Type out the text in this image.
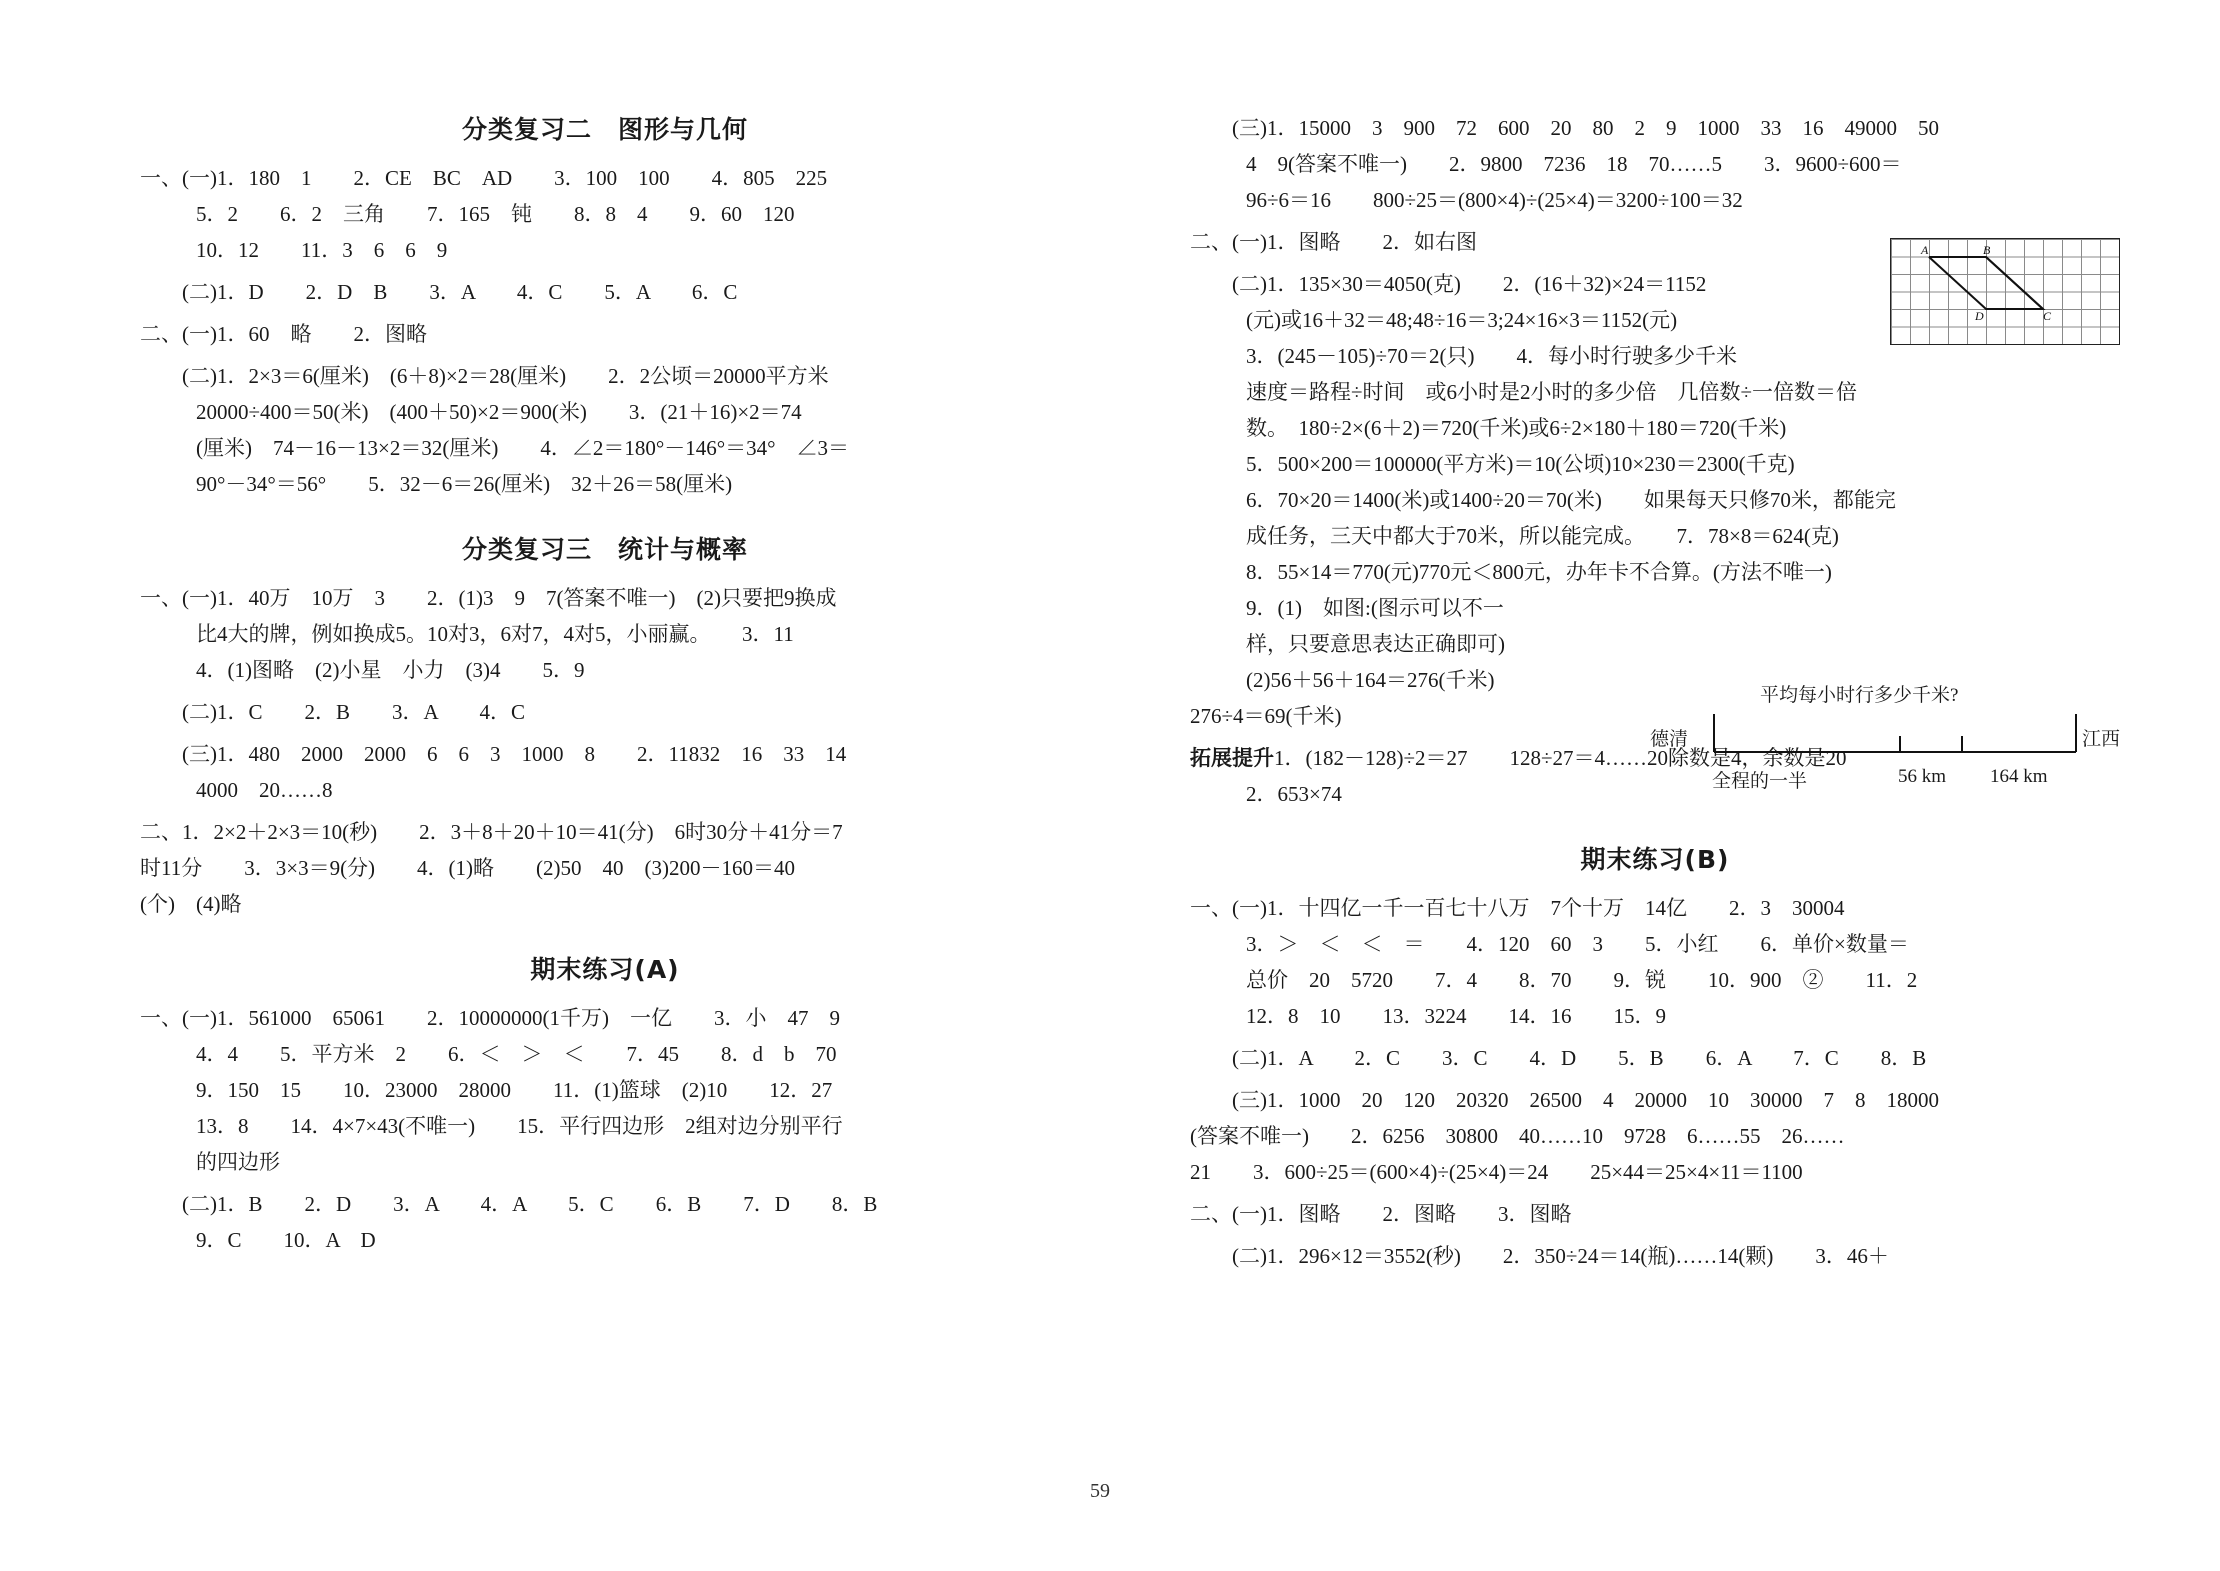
分类复习二　图形与几何
一、(一) 1．180　1　　2．CE　BC　AD　　3．100　100　　4．805　225
5．2　　6．2　三角　　7．165　钝　　8．8　4　　9．60　120
10．12　　11．3　6　6　9
　　(二) 1．D　　2．D　B　　3．A　　4．C　　5．A　　6．C
二、(一) 1．60　略　　2．图略
　　(二) 1．2×3＝6(厘米)　(6＋8)×2＝28(厘米)　　2．2公顷＝20000平方米
20000÷400＝50(米)　(400＋50)×2＝900(米)　　3．(21＋16)×2＝74
(厘米)　74－16－13×2＝32(厘米)　　4．∠2＝180°－146°＝34°　∠3＝
90°－34°＝56°　　5．32－6＝26(厘米)　32＋26＝58(厘米)
分类复习三　统计与概率
一、(一) 1．40万　10万　3　　2．(1)3　9　7(答案不唯一)　(2)只要把9换成
比4大的牌，例如换成5。10对3，6对7，4对5，小丽赢。　　3．11
4．(1)图略　(2)小星　小力　(3)4　　5．9
　　(二) 1．C　　2．B　　3．A　　4．C
　　(三) 1．480　2000　2000　6　6　3　1000　8　　2．11832　16　33　14
4000　20……8
二、 1．2×2＋2×3＝10(秒)　　2．3＋8＋20＋10＝41(分)　6时30分＋41分＝7
时11分　　3．3×3＝9(分)　　4．(1)略　　(2)50　40　(3)200－160＝40
(个)　(4)略
期末练习(A)
一、(一) 1．561000　65061　　2．10000000(1千万)　一亿　　3．小　47　9
4．4　　5．平方米　2　　6．＜　＞　＜　　7．45　　8．d　b　70
9．150　15　　10．23000　28000　　11．(1)篮球　(2)10　　12．27
13．8　　14．4×7×43(不唯一)　　15．平行四边形　2组对边分别平行
的四边形
　　(二) 1．B　　2．D　　3．A　　4．A　　5．C　　6．B　　7．D　　8．B
9．C　　10．A　D
　　(三) 1．15000　3　900　72　600　20　80　2　9　1000　33　16　49000　50
4　9(答案不唯一)　　2．9800　7236　18　70……5　　3．9600÷600＝
96÷6＝16　　800÷25＝(800×4)÷(25×4)＝3200÷100＝32
二、(一) 1．图略　　2．如右图
　　(二) 1．135×30＝4050(克)　　2．(16＋32)×24＝1152
(元)或16＋32＝48;48÷16＝3;24×16×3＝1152(元)
3．(245－105)÷70＝2(只)　　4．每小时行驶多少千米
速度＝路程÷时间　或6小时是2小时的多少倍　几倍数÷一倍数＝倍
数。　180÷2×(6＋2)＝720(千米)或6÷2×180＋180＝720(千米)
5．500×200＝100000(平方米)＝10(公顷)10×230＝2300(千克)
6．70×20＝1400(米)或1400÷20＝70(米)　　如果每天只修70米，都能完
成任务，三天中都大于70米，所以能完成。　　7．78×8＝624(克)
8．55×14＝770(元)770元＜800元，办年卡不合算。(方法不唯一)
9．(1)　如图:(图示可以不一
样，只要意思表达正确即可)
(2)56＋56＋164＝276(千米)
276÷4＝69(千米)
拓展提升 1．(182－128)÷2＝27　　128÷27＝4……20除数是4，余数是20
2．653×74
期末练习(B)
一、(一) 1．十四亿一千一百七十八万　7个十万　14亿　　2．3　30004
3．＞　＜　＜　＝　　4．120　60　3　　5．小红　　6．单价×数量＝
总价　20　5720　　7．4　　8．70　　9．锐　　10．900　②　　11．2
12．8　10　　13．3224　　14．16　　15．9
　　(二) 1．A　　2．C　　3．C　　4．D　　5．B　　6．A　　7．C　　8．B
　　(三) 1．1000　20　120　20320　26500　4　20000　10　30000　7　8　18000
(答案不唯一)　　2．6256　30800　40……10　9728　6……55　26……
21　　3．600÷25＝(600×4)÷(25×4)＝24　　25×44＝25×4×11＝1100
二、(一) 1．图略　　2．图略　　3．图略
　　(二) 1．296×12＝3552(秒)　　2．350÷24＝14(瓶)……14(颗)　　3．46＋
A	B
C
D
平均每小时行多少千米?
德清	江西
全程的一半	56 km 164 km
59
